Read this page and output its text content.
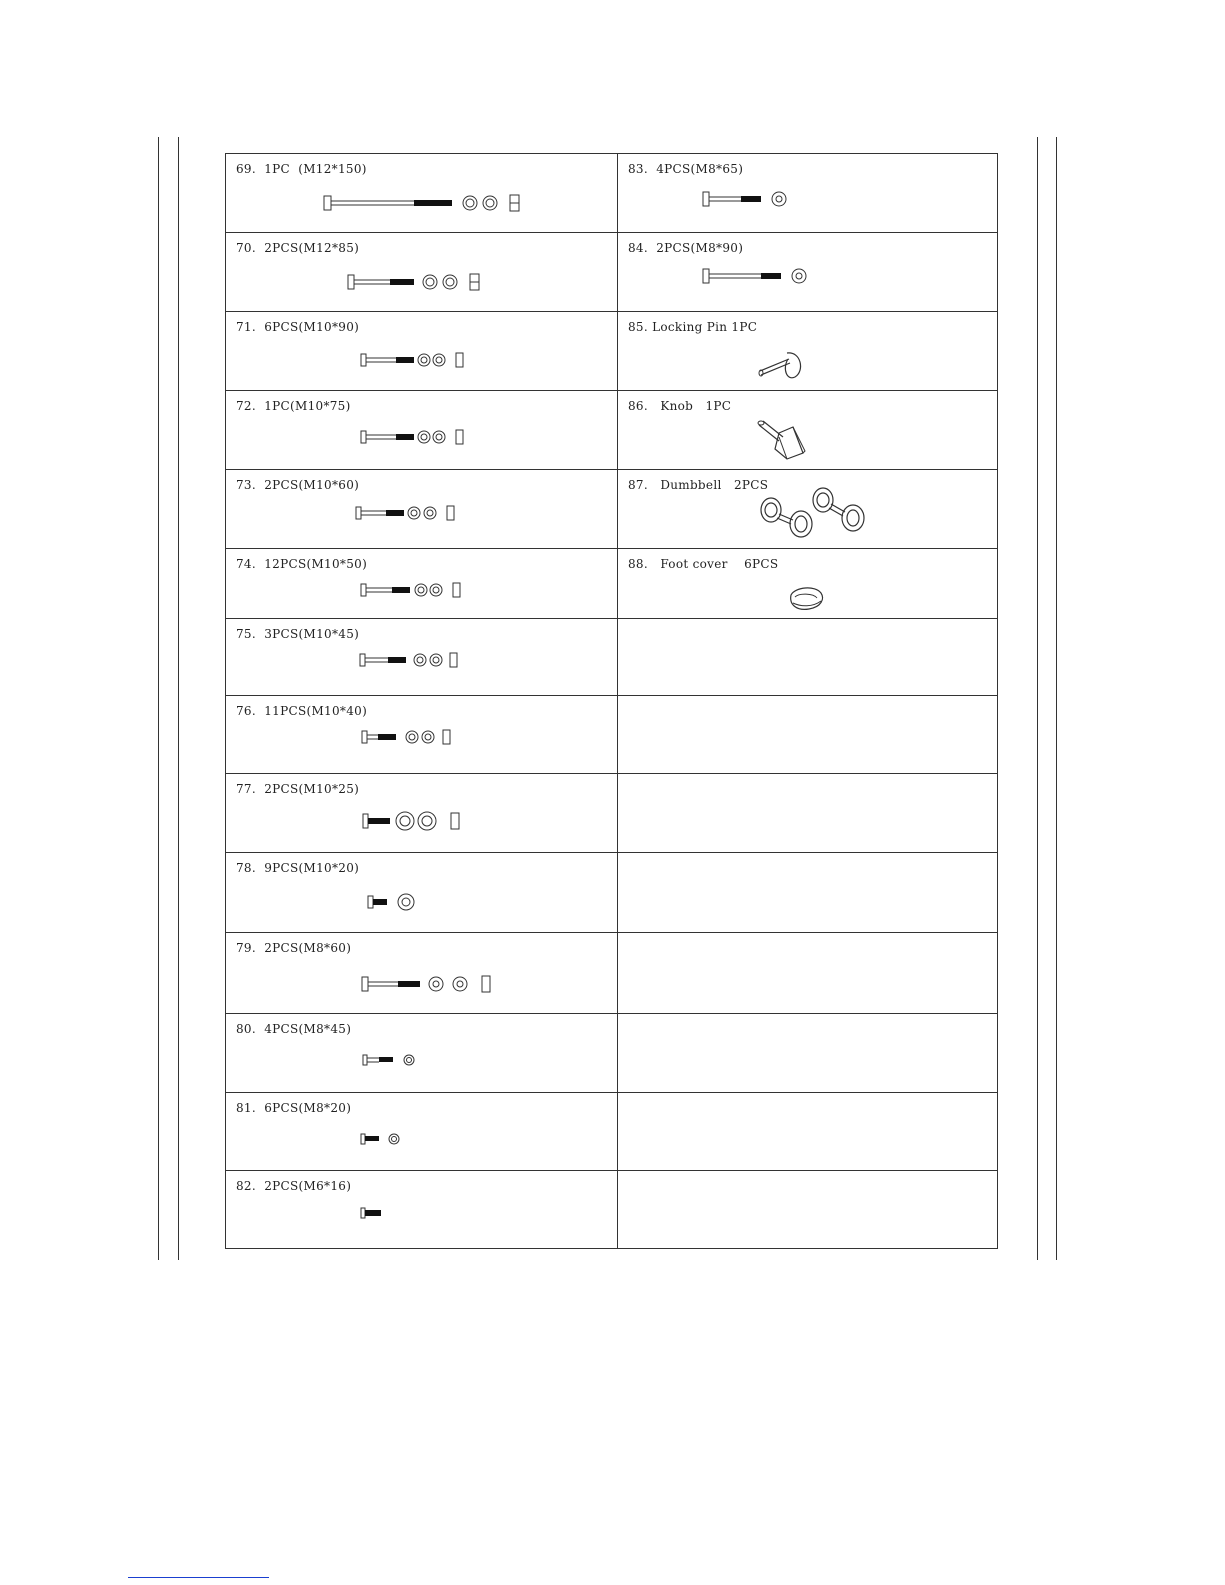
69.  1PC  (M12*150)
70.  2PCS(M12*85)
71.  6PCS(M10*90)
72.  1PC(M10*75)
73.  2PCS(M10*60)
74.  12PCS(M10*50)
75.  3PCS(M10*45)
76.  11PCS(M10*40)
77.  2PCS(M10*25)
78.  9PCS(M10*20)
79.  2PCS(M8*60)
80.  4PCS(M8*45)
81.  6PCS(M8*20)
82.  2PCS(M6*16)
83.  4PCS(M8*65)
84.  2PCS(M8*90)
85. Locking Pin 1PC
86.   Knob   1PC
87.   Dumbbell   2PCS
88.   Foot cover    6PCS
